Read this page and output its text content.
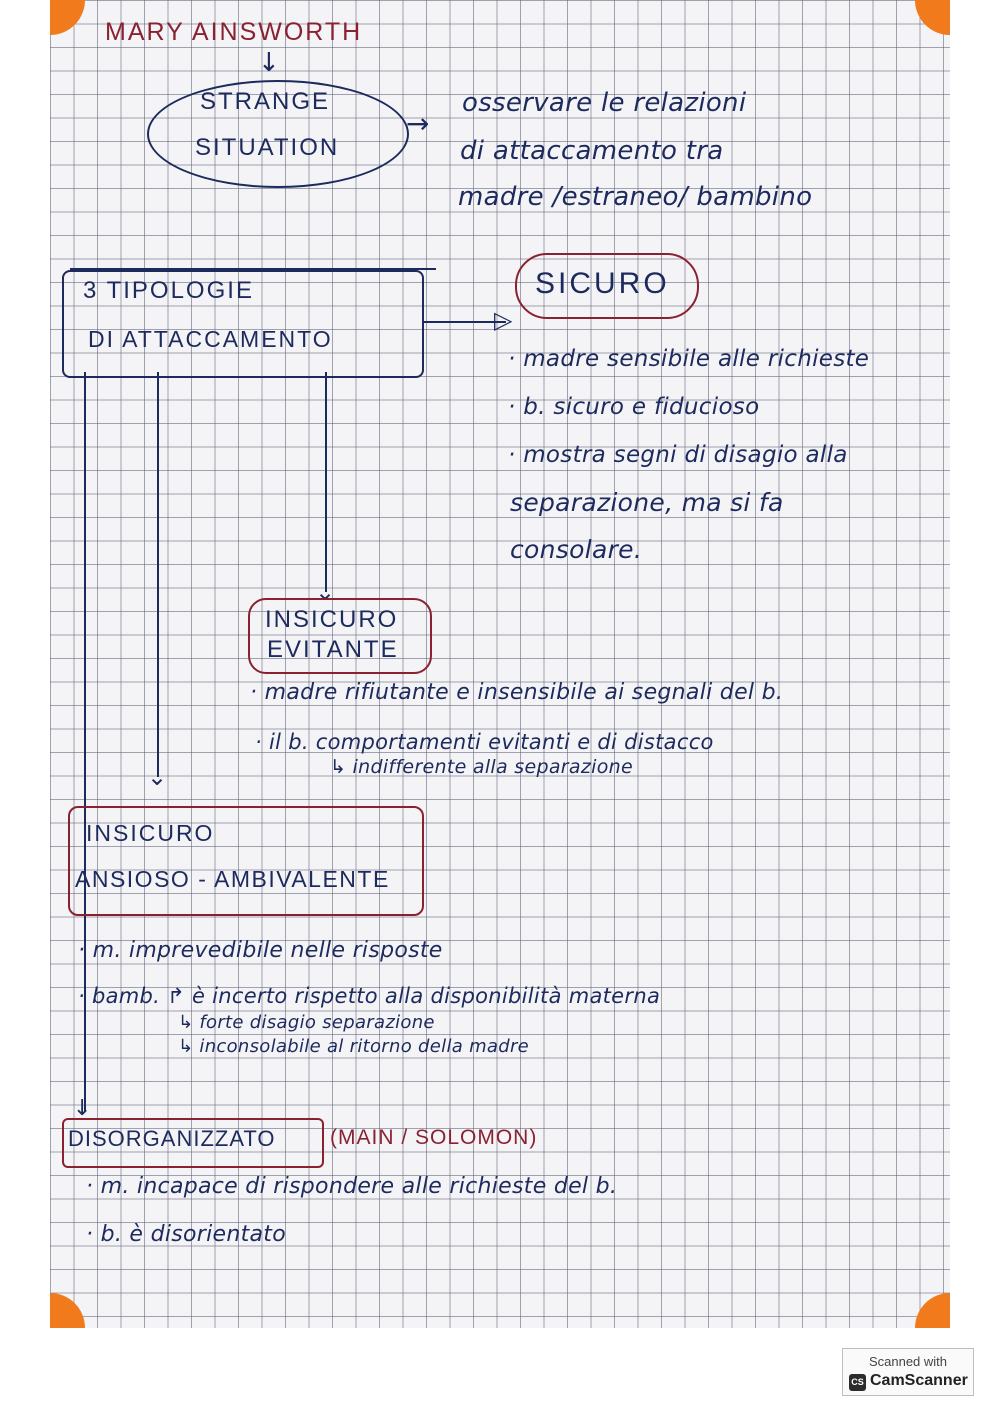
MARY AINSWORTH
↓
STRANGE
SITUATION
→
osservare le relazioni
di attaccamento tra
madre /estraneo/ bambino
3 TIPOLOGIE
DI ATTACCAMENTO
▷
SICURO
· madre sensibile alle richieste
· b. sicuro e fiducioso
· mostra segni di disagio alla
separazione, ma si fa
consolare.
↓
⌄
⌄
INSICURO
EVITANTE
· madre rifiutante e insensibile ai segnali del b.
· il b. comportamenti evitanti e di distacco
↳ indifferente alla separazione
INSICURO
ANSIOSO - AMBIVALENTE
· m. imprevedibile nelle risposte
· bamb. ↱ è incerto rispetto alla disponibilità materna
↳ forte disagio separazione
↳ inconsolabile al ritorno della madre
DISORGANIZZATO	(MAIN / SOLOMON)
· m. incapace di rispondere alle richieste del b.
· b. è disorientato
Scanned with
CS CamScanner
